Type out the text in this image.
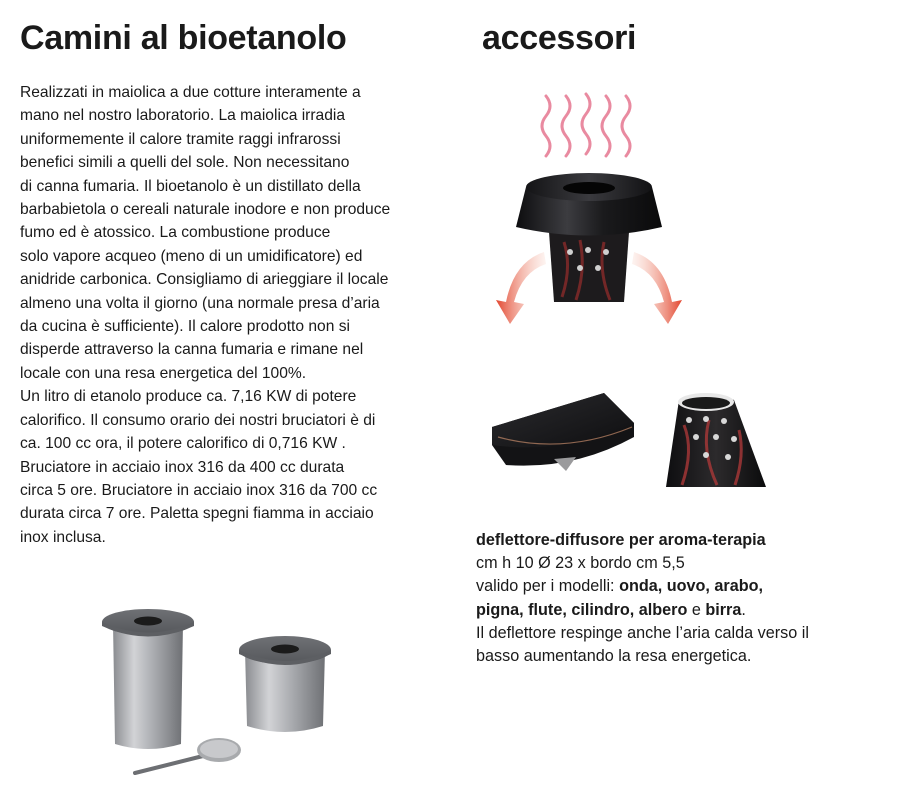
Camini al bioetanolo	accessori
Realizzati in maiolica a due cotture interamente a
mano nel nostro laboratorio. La maiolica irradia
uniformemente il calore tramite raggi infrarossi
benefici simili a quelli del sole. Non necessitano
di canna fumaria. Il bioetanolo è un distillato della
barbabietola o cereali naturale inodore e non produce
fumo ed è atossico. La combustione produce
solo vapore acqueo (meno di un umidificatore) ed
anidride carbonica. Consigliamo di arieggiare il locale
almeno una volta il giorno (una normale presa d’aria
da cucina è sufficiente). Il calore prodotto non si
disperde attraverso la canna fumaria e rimane nel
locale con una resa energetica del 100%.
Un litro di etanolo produce ca. 7,16 KW di potere
calorifico. Il consumo orario dei nostri bruciatori è di
ca. 100 cc ora, il potere calorifico di 0,716 KW .
Bruciatore in acciaio inox 316 da 400 cc durata
circa 5 ore. Bruciatore in acciaio inox 316 da 700 cc
durata circa 7 ore. Paletta spegni fiamma in acciaio
inox inclusa.	deflettore-diffusore per aroma-terapia
cm h 10 Ø 23 x bordo cm 5,5
valido per i modelli: onda, uovo, arabo,
pigna, flute, cilindro, albero e birra.
Il deflettore respinge anche l’aria calda verso il
basso aumentando la resa energetica.
